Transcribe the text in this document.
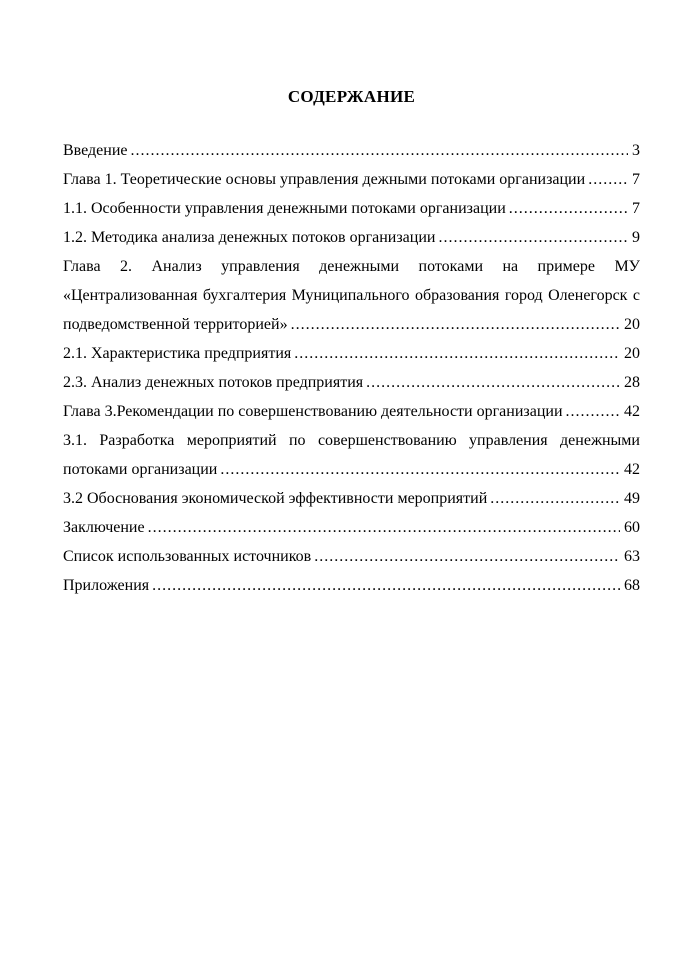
СОДЕРЖАНИЕ
Введение .....	3
Глава 1. Теоретические основы управления дежными потоками организации .....	7
1.1. Особенности управления денежными потоками организации .....	7
1.2. Методика анализа денежных потоков организации .....	9
Глава 2. Анализ управления денежными потоками на примере МУ
«Централизованная бухгалтерия Муниципального образования город Оленегорск с
подведомственной территорией» .....	20
2.1. Характеристика предприятия .....	20
2.3. Анализ денежных потоков предприятия .....	28
Глава 3.Рекомендации по совершенствованию деятельности организации .....	42
3.1. Разработка мероприятий по совершенствованию управления денежными
потоками организации .....	42
3.2 Обоснования экономической эффективности мероприятий .....	49
Заключение .....	60
Список использованных источников .....	63
Приложения .....	68
